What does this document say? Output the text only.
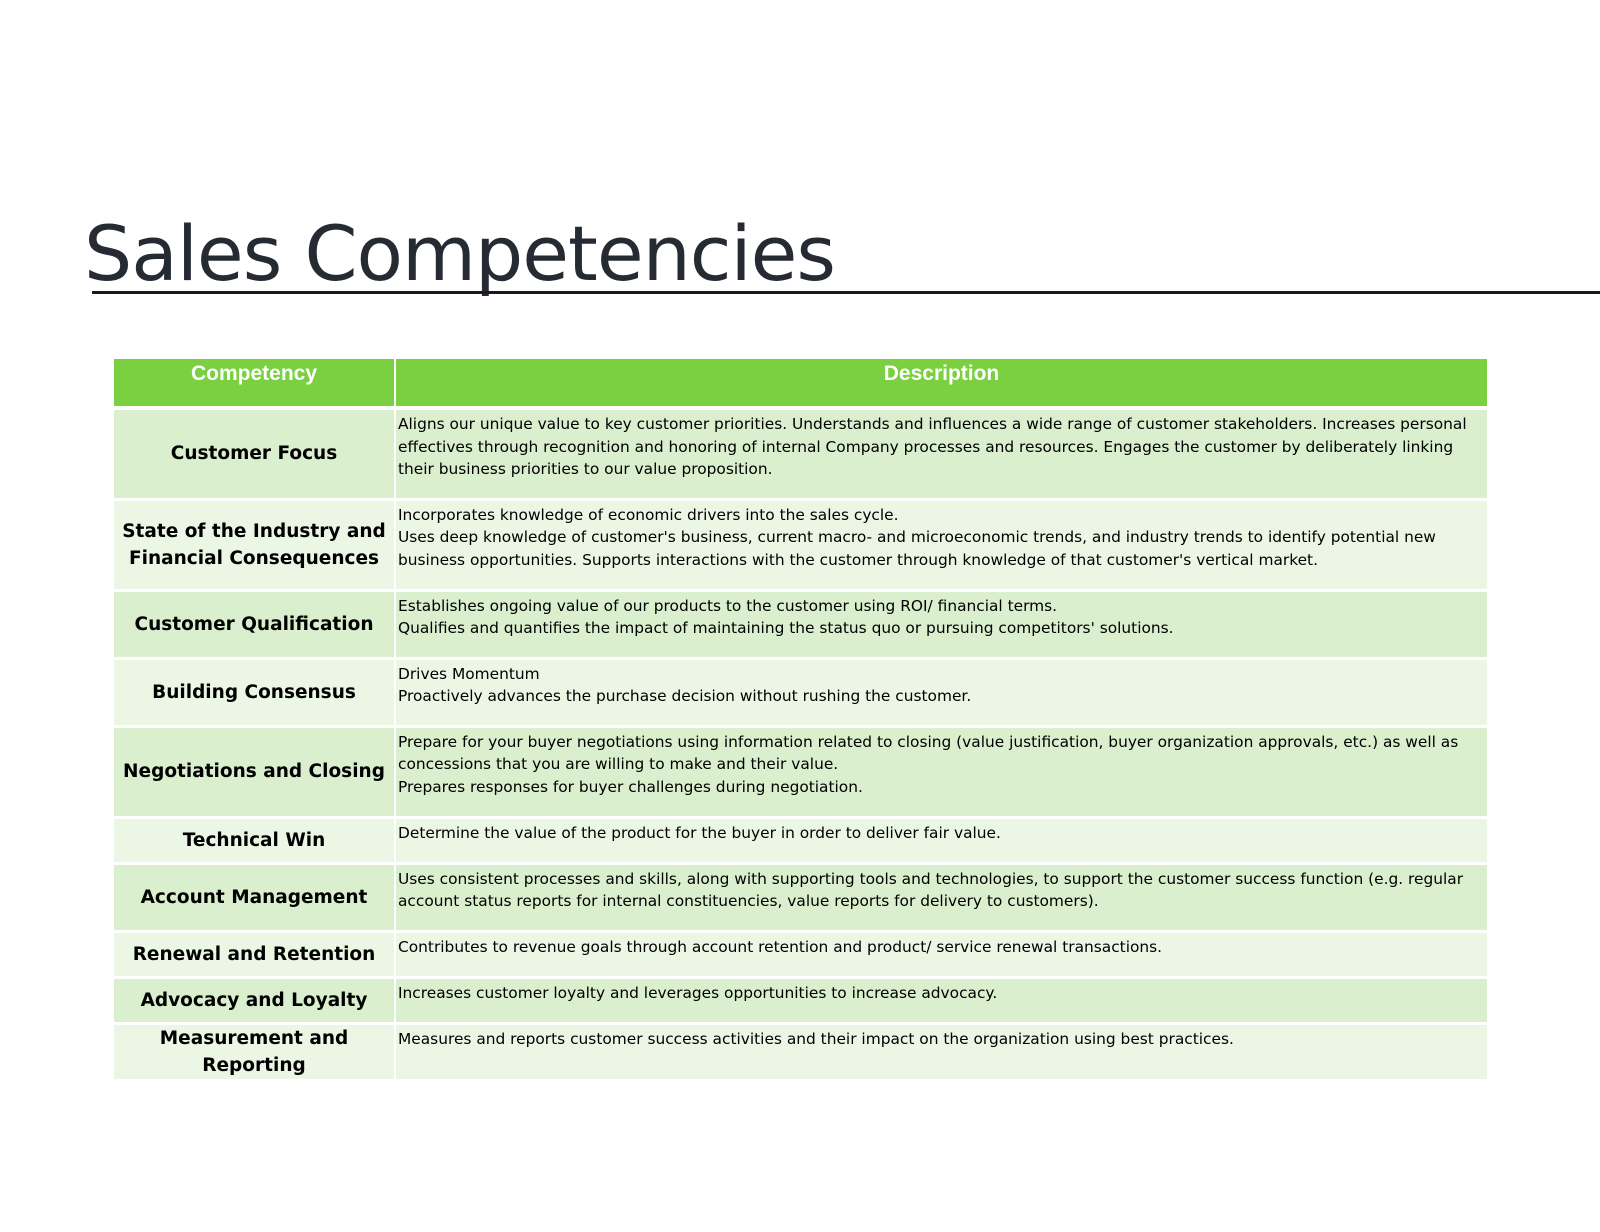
Sales Competencies
Competency	Description
Customer Focus	Aligns our unique value to key customer priorities. Understands and influences a wide range of customer stakeholders. Increases personal effectives through recognition and honoring of internal Company processes and resources. Engages the customer by deliberately linking their business priorities to our value proposition.

State of the Industry and Financial Consequences	Incorporates knowledge of economic drivers into the sales cycle.
Uses deep knowledge of customer's business, current macro- and microeconomic trends, and industry trends to identify potential new business opportunities. Supports interactions with the customer through knowledge of that customer's vertical market.

Customer Qualification	Establishes ongoing value of our products to the customer using ROI/ financial terms.
Qualifies and quantifies the impact of maintaining the status quo or pursuing competitors' solutions.

Building Consensus	Drives Momentum
Proactively advances the purchase decision without rushing the customer.

Negotiations and Closing	Prepare for your buyer negotiations using information related to closing (value justification, buyer organization approvals, etc.) as well as concessions that you are willing to make and their value.
Prepares responses for buyer challenges during negotiation.

Technical Win	Determine the value of the product for the buyer in order to deliver fair value.

Account Management	Uses consistent processes and skills, along with supporting tools and technologies, to support the customer success function (e.g. regular account status reports for internal constituencies, value reports for delivery to customers).

Renewal and Retention	Contributes to revenue goals through account retention and product/ service renewal transactions.

Advocacy and Loyalty	Increases customer loyalty and leverages opportunities to increase advocacy.

Measurement and Reporting	Measures and reports customer success activities and their impact on the organization using best practices.
